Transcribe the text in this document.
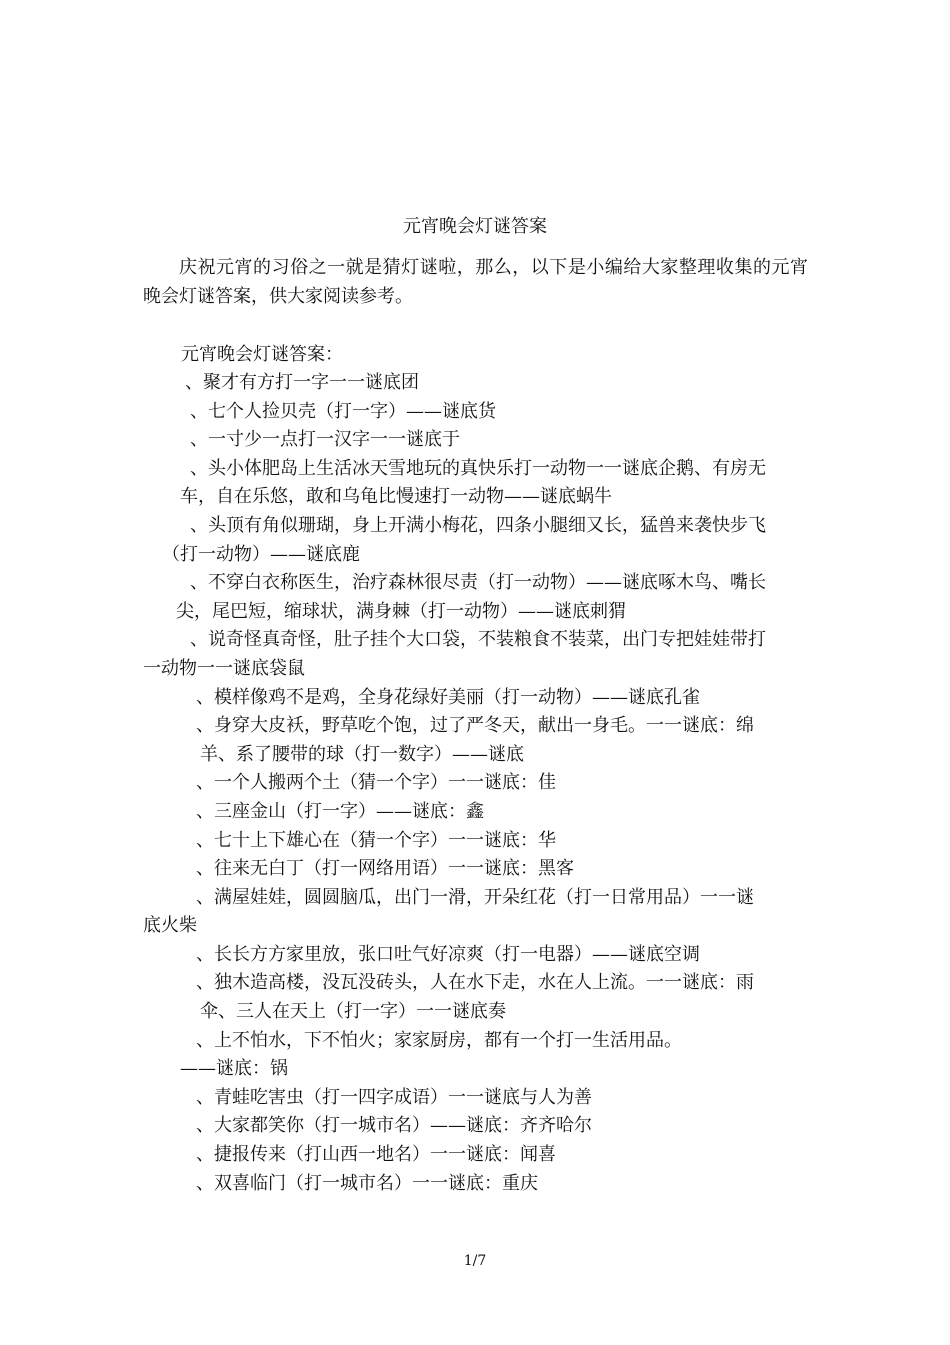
元宵晚会灯谜答案
庆祝元宵的习俗之一就是猜灯谜啦，那么，以下是小编给大家整理收集的元宵晚会灯谜答案，供大家阅读参考。
元宵晚会灯谜答案：
、聚才有方打一字一一谜底团
、七个人捡贝壳（打一字）——谜底货
、一寸少一点打一汉字一一谜底于
、头小体肥岛上生活冰天雪地玩的真快乐打一动物一一谜底企鹅、有房无
车，自在乐悠，敢和乌龟比慢速打一动物——谜底蜗牛
、头顶有角似珊瑚，身上开满小梅花，四条小腿细又长，猛兽来袭快步飞
（打一动物）——谜底鹿
、不穿白衣称医生，治疗森林很尽责（打一动物）——谜底啄木鸟、嘴长
尖，尾巴短，缩球状，满身棘（打一动物）——谜底刺猬
、说奇怪真奇怪，肚子挂个大口袋，不装粮食不装菜，出门专把娃娃带打
一动物一一谜底袋鼠
、模样像鸡不是鸡，全身花绿好美丽（打一动物）——谜底孔雀
、身穿大皮袄，野草吃个饱，过了严冬天，献出一身毛。一一谜底：绵
羊、系了腰带的球（打一数字）——谜底
、一个人搬两个土（猜一个字）一一谜底：佳
、三座金山（打一字）——谜底：鑫
、七十上下雄心在（猜一个字）一一谜底：华
、往来无白丁（打一网络用语）一一谜底：黑客
、满屋娃娃，圆圆脑瓜，出门一滑，开朵红花（打一日常用品）一一谜
底火柴
、长长方方家里放，张口吐气好凉爽（打一电器）——谜底空调
、独木造高楼，没瓦没砖头，人在水下走，水在人上流。一一谜底：雨
伞、三人在天上（打一字）一一谜底奏
、上不怕水，下不怕火；家家厨房，都有一个打一生活用品。
——谜底：锅
、青蛙吃害虫（打一四字成语）一一谜底与人为善
、大家都笑你（打一城市名）——谜底：齐齐哈尔
、捷报传来（打山西一地名）一一谜底：闻喜
、双喜临门（打一城市名）一一谜底：重庆
1/7
